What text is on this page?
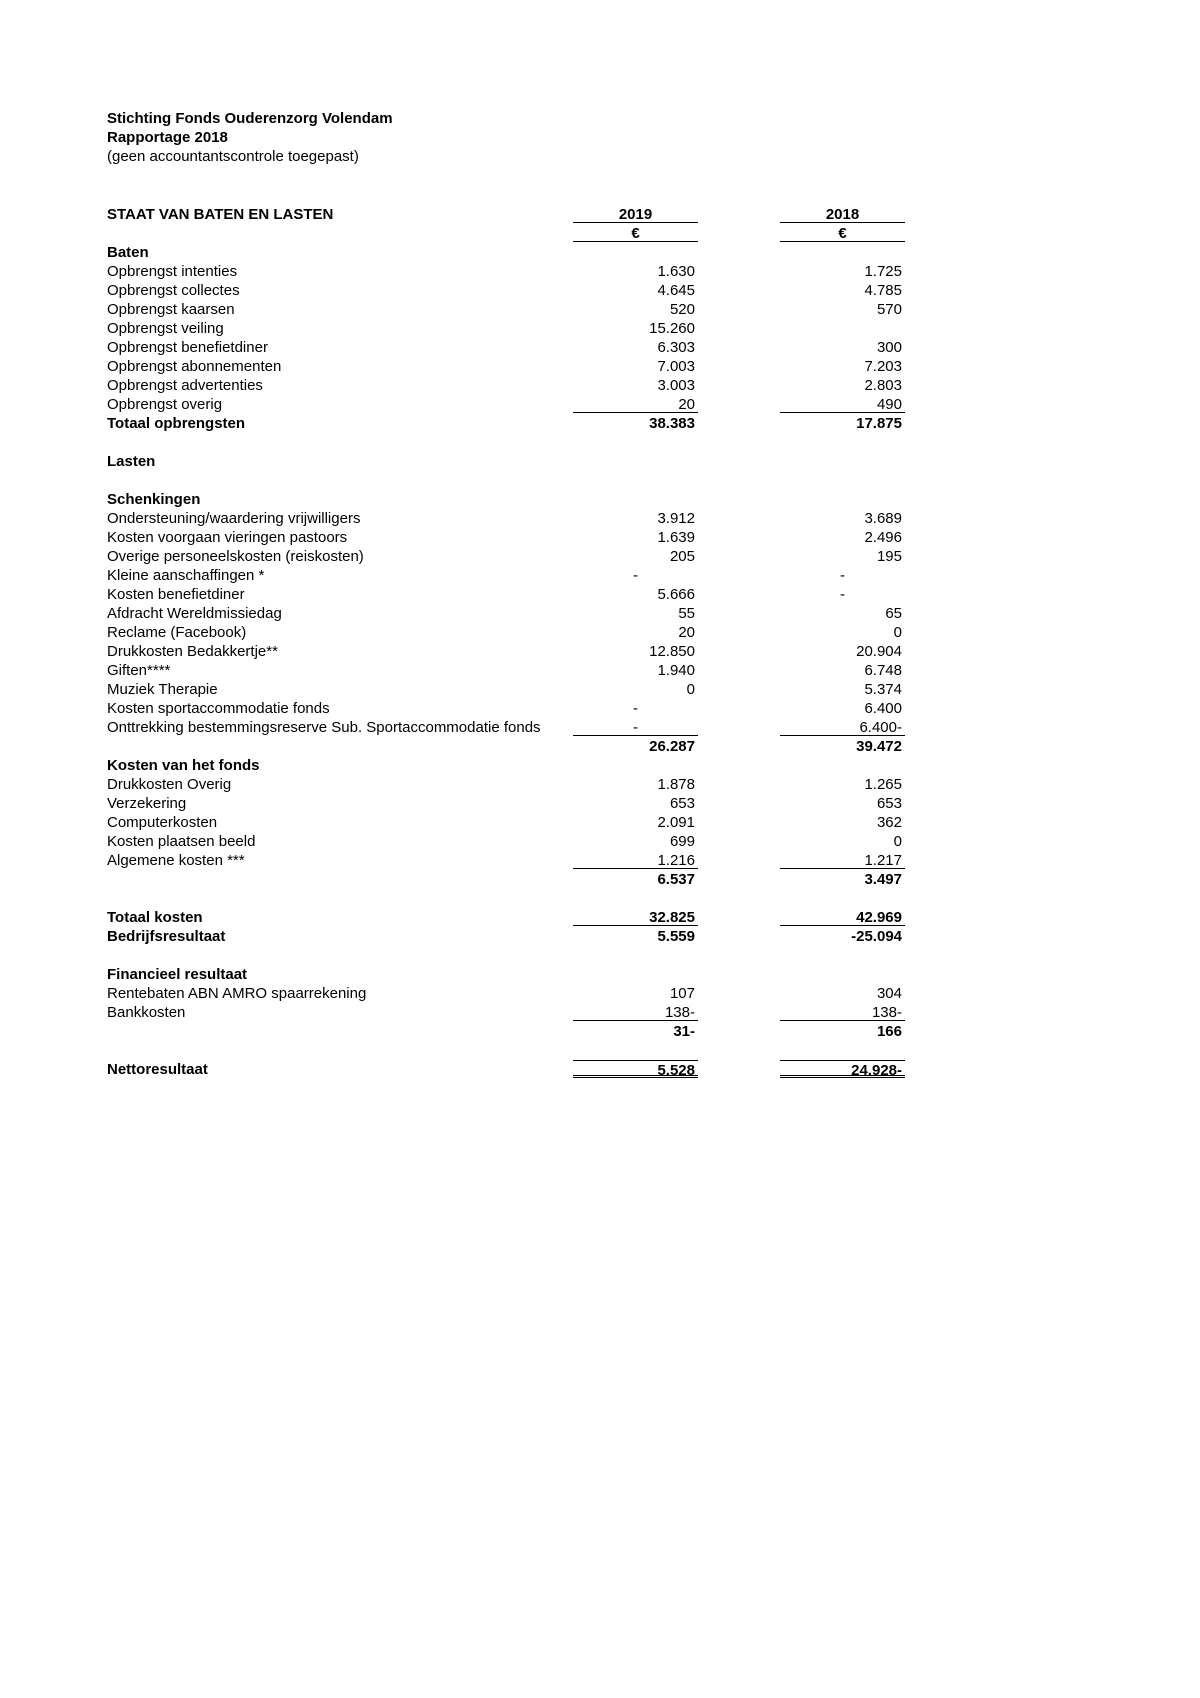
Stichting Fonds Ouderenzorg Volendam
Rapportage 2018
(geen accountantscontrole toegepast)
STAAT VAN BATEN EN LASTEN	2019	2018
€	€
Baten
Opbrengst intenties	1.630	1.725
Opbrengst collectes	4.645	4.785
Opbrengst kaarsen	520	570
Opbrengst veiling	15.260
Opbrengst benefietdiner	6.303	300
Opbrengst abonnementen	7.003	7.203
Opbrengst advertenties	3.003	2.803
Opbrengst overig	20	490
Totaal opbrengsten	38.383	17.875
Lasten
Schenkingen
Ondersteuning/waardering vrijwilligers	3.912	3.689
Kosten voorgaan vieringen pastoors	1.639	2.496
Overige personeelskosten (reiskosten)	205	195
Kleine aanschaffingen *	-	-
Kosten benefietdiner	5.666	-
Afdracht Wereldmissiedag	55	65
Reclame (Facebook)	20	0
Drukkosten Bedakkertje**	12.850	20.904
Giften****	1.940	6.748
Muziek Therapie	0	5.374
Kosten sportaccommodatie fonds	-	6.400
Onttrekking bestemmingsreserve Sub. Sportaccommodatie fonds	-	6.400-
26.287	39.472
Kosten van het fonds
Drukkosten Overig	1.878	1.265
Verzekering	653	653
Computerkosten	2.091	362
Kosten plaatsen beeld	699	0
Algemene kosten ***	1.216	1.217
6.537	3.497
Totaal kosten	32.825	42.969
Bedrijfsresultaat	5.559	-25.094
Financieel resultaat
Rentebaten ABN AMRO spaarrekening	107	304
Bankkosten	138-	138-
31-	166
Nettoresultaat	5.528	24.928-
